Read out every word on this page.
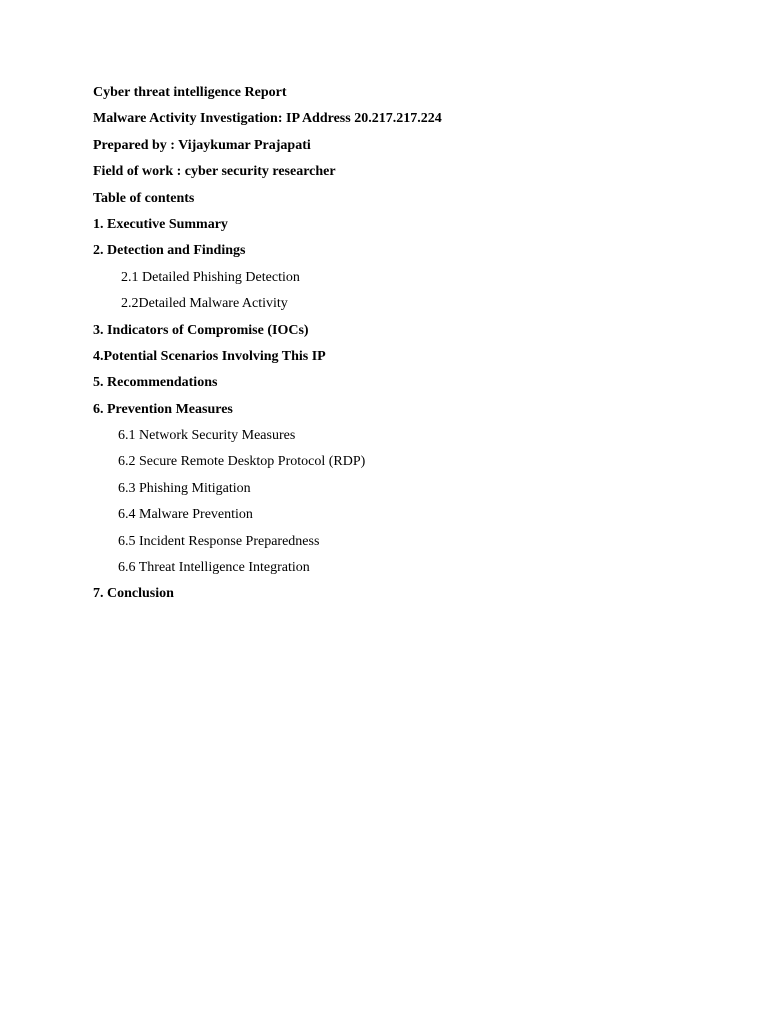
Cyber threat intelligence Report
Malware Activity Investigation: IP Address 20.217.217.224
Prepared by : Vijaykumar Prajapati
Field of work : cyber security researcher
Table of contents
1. Executive Summary
2. Detection and Findings
2.1 Detailed Phishing Detection
2.2Detailed Malware Activity
3. Indicators of Compromise (IOCs)
4.Potential Scenarios Involving This IP
5. Recommendations
6. Prevention Measures
6.1 Network Security Measures
6.2 Secure Remote Desktop Protocol (RDP)
6.3 Phishing Mitigation
6.4 Malware Prevention
6.5 Incident Response Preparedness
6.6 Threat Intelligence Integration
7. Conclusion
